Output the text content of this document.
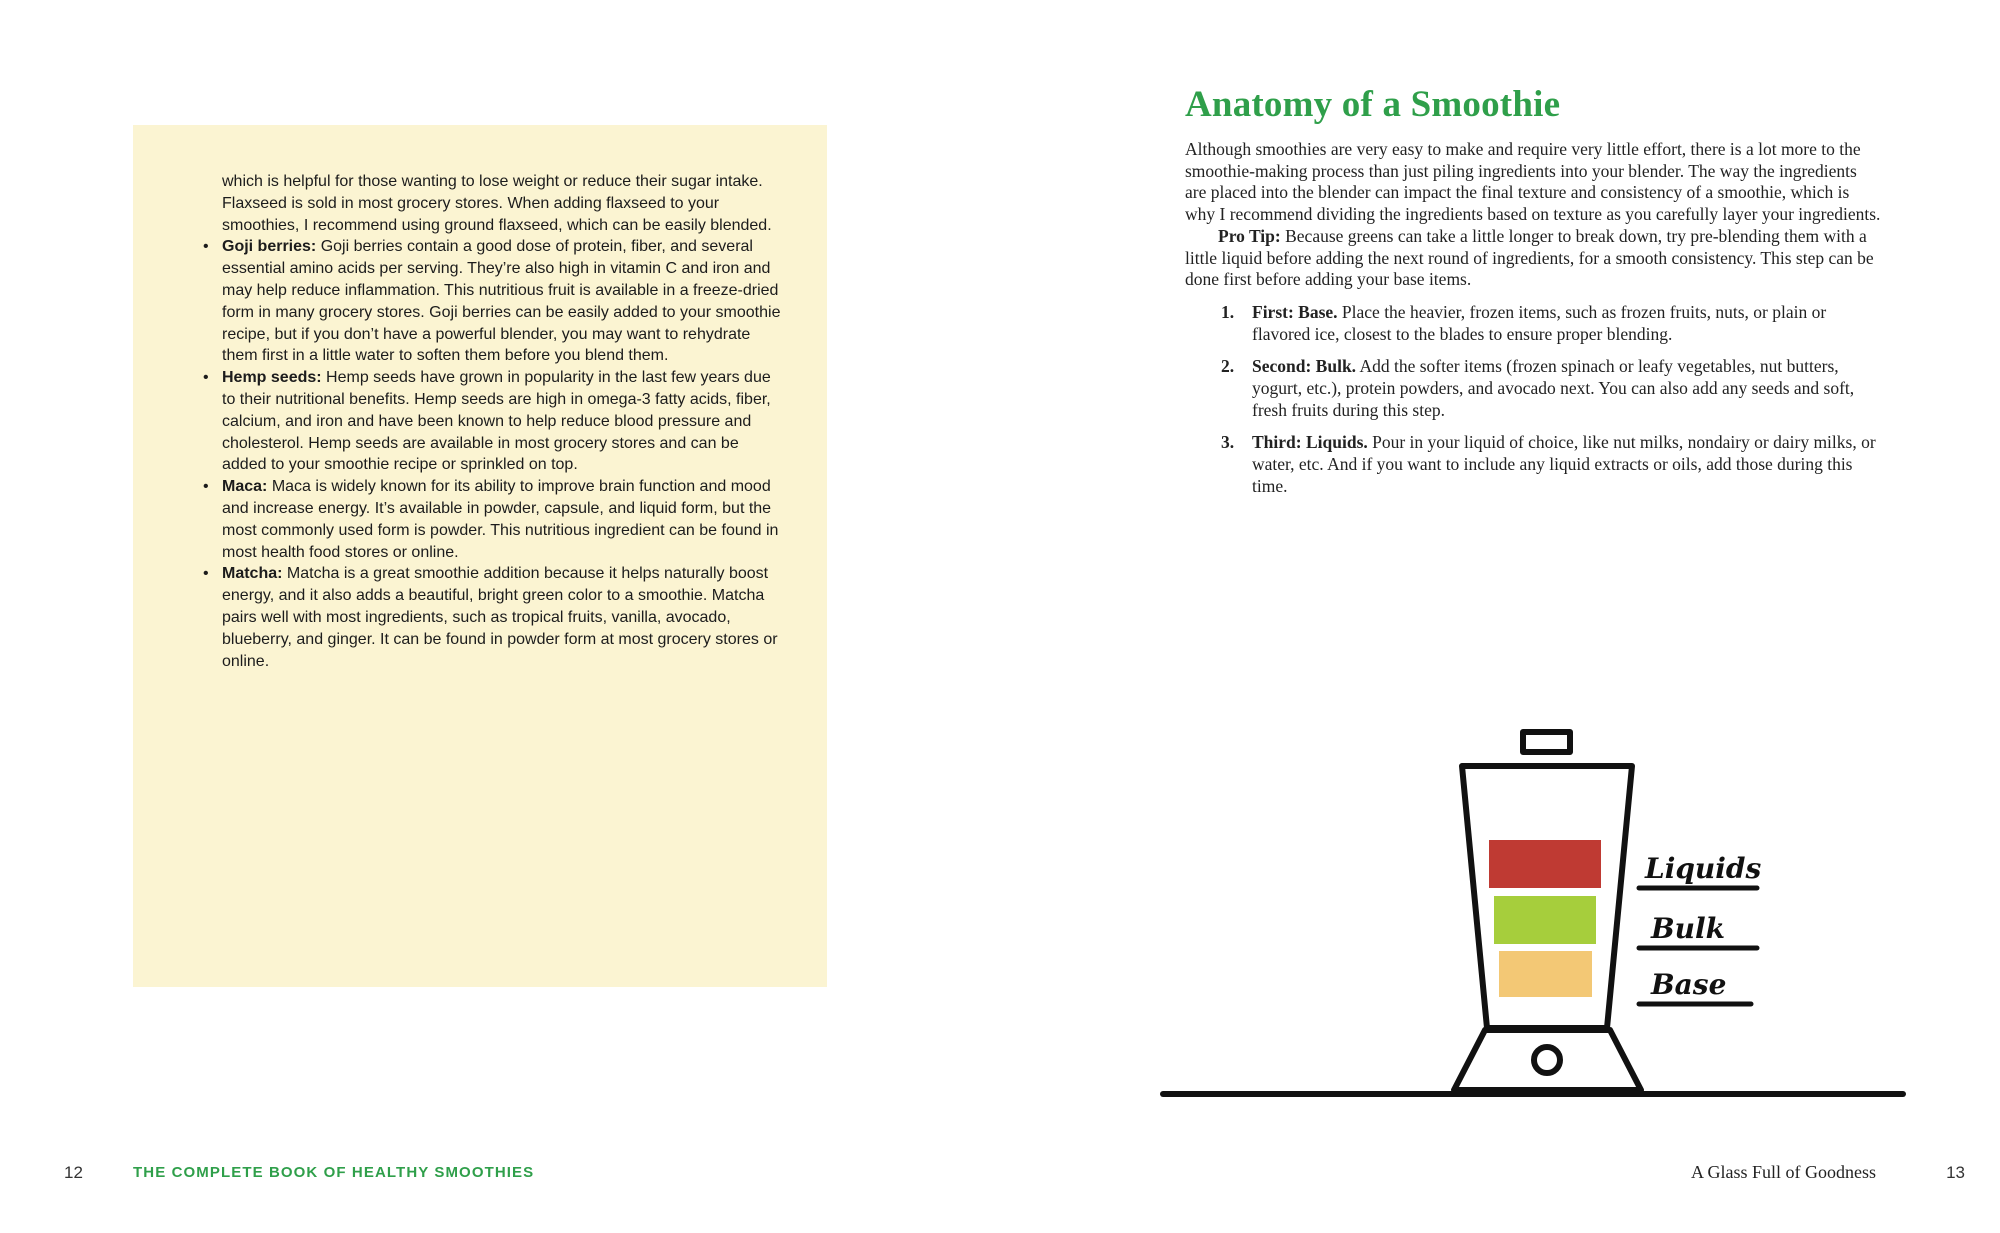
which is helpful for those wanting to lose weight or reduce their sugar intake. Flaxseed is sold in most grocery stores. When adding flaxseed to your smoothies, I recommend using ground flaxseed, which can be easily blended.

• Goji berries: Goji berries contain a good dose of protein, fiber, and several essential amino acids per serving. They’re also high in vitamin C and iron and may help reduce inflammation. This nutritious fruit is available in a freeze-dried form in many grocery stores. Goji berries can be easily added to your smoothie recipe, but if you don’t have a powerful blender, you may want to rehydrate them first in a little water to soften them before you blend them.
• Hemp seeds: Hemp seeds have grown in popularity in the last few years due to their nutritional benefits. Hemp seeds are high in omega-3 fatty acids, fiber, calcium, and iron and have been known to help reduce blood pressure and cholesterol. Hemp seeds are available in most grocery stores and can be added to your smoothie recipe or sprinkled on top.
• Maca: Maca is widely known for its ability to improve brain function and mood and increase energy. It’s available in powder, capsule, and liquid form, but the most commonly used form is powder. This nutritious ingredient can be found in most health food stores or online.
• Matcha: Matcha is a great smoothie addition because it helps naturally boost energy, and it also adds a beautiful, bright green color to a smoothie. Matcha pairs well with most ingredients, such as tropical fruits, vanilla, avocado, blueberry, and ginger. It can be found in powder form at most grocery stores or online.
Anatomy of a Smoothie

Although smoothies are very easy to make and require very little effort, there is a lot more to the smoothie-making process than just piling ingredients into your blender. The way the ingredients are placed into the blender can impact the final texture and consistency of a smoothie, which is why I recommend dividing the ingredients based on texture as you carefully layer your ingredients.

Pro Tip: Because greens can take a little longer to break down, try pre-blending them with a little liquid before adding the next round of ingredients, for a smooth consistency. This step can be done first before adding your base items.

1. First: Base. Place the heavier, frozen items, such as frozen fruits, nuts, or plain or flavored ice, closest to the blades to ensure proper blending.
2. Second: Bulk. Add the softer items (frozen spinach or leafy vegetables, nut butters, yogurt, etc.), protein powders, and avocado next. You can also add any seeds and soft, fresh fruits during this step.
3. Third: Liquids. Pour in your liquid of choice, like nut milks, nondairy or dairy milks, or water, etc. And if you want to include any liquid extracts or oils, add those during this time.
Liquids
Bulk
Base
12	THE COMPLETE BOOK OF HEALTHY SMOOTHIES	A Glass Full of Goodness	13
